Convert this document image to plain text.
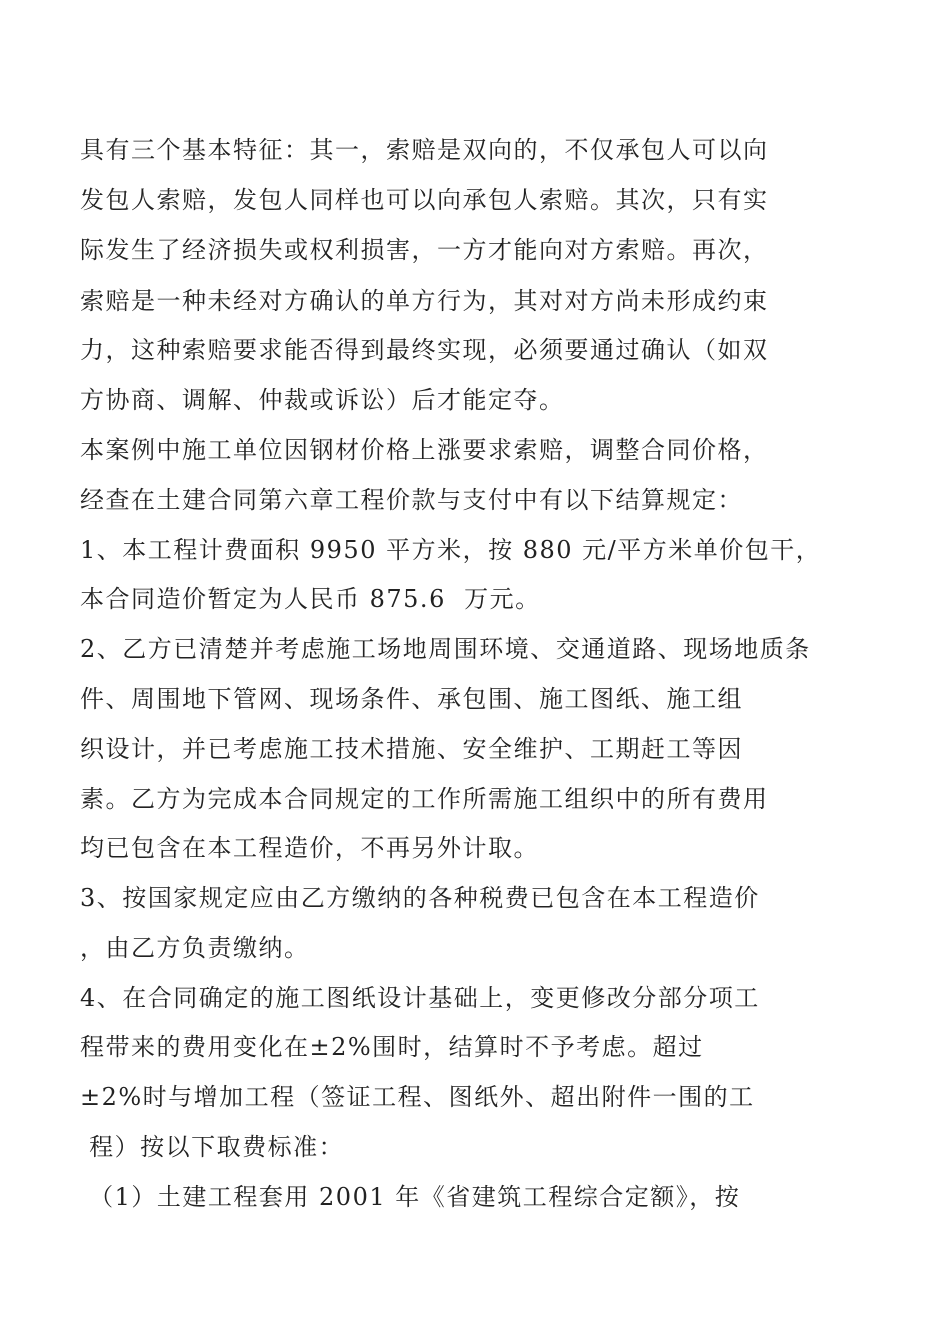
具有三个基本特征：其一，索赔是双向的，不仅承包人可以向
发包人索赔，发包人同样也可以向承包人索赔。其次，只有实
际发生了经济损失或权利损害，一方才能向对方索赔。再次，
索赔是一种未经对方确认的单方行为，其对对方尚未形成约束
力，这种索赔要求能否得到最终实现，必须要通过确认（如双
方协商、调解、仲裁或诉讼）后才能定夺。
本案例中施工单位因钢材价格上涨要求索赔，调整合同价格，
经查在土建合同第六章工程价款与支付中有以下结算规定：
1、本工程计费面积 9950 平方米，按 880 元/平方米单价包干，
本合同造价暂定为人民币 875.6  万元。
2、乙方已清楚并考虑施工场地周围环境、交通道路、现场地质条
件、周围地下管网、现场条件、承包围、施工图纸、施工组
织设计，并已考虑施工技术措施、安全维护、工期赶工等因
素。乙方为完成本合同规定的工作所需施工组织中的所有费用
均已包含在本工程造价，不再另外计取。
3、按国家规定应由乙方缴纳的各种税费已包含在本工程造价
，由乙方负责缴纳。
4、在合同确定的施工图纸设计基础上，变更修改分部分项工
程带来的费用变化在±2%围时，结算时不予考虑。超过
±2%时与增加工程（签证工程、图纸外、超出附件一围的工
程）按以下取费标准：
（1）土建工程套用 2001 年《省建筑工程综合定额》，按
